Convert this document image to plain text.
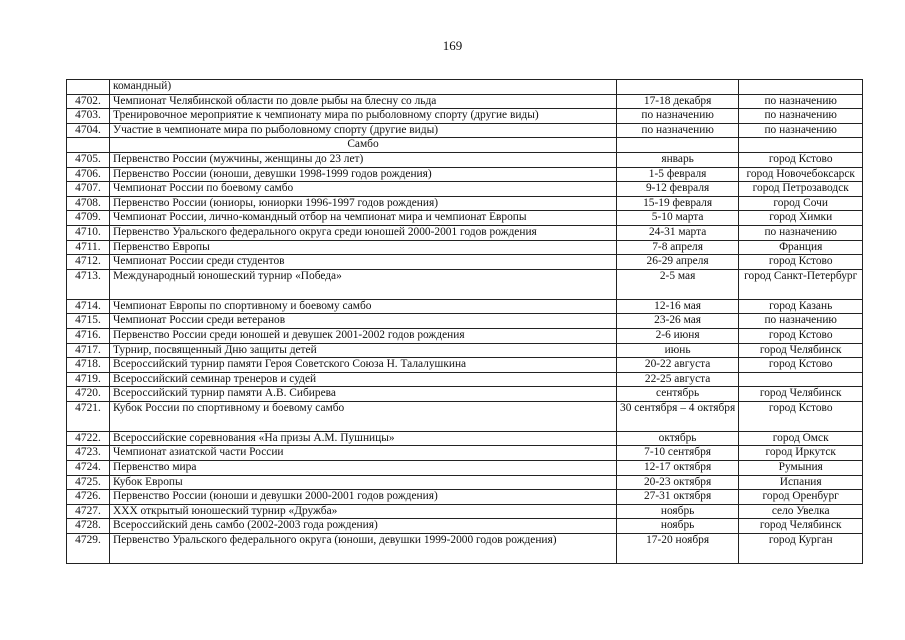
169
	командный)		
4702.	Чемпионат Челябинской области по довле рыбы на блесну со льда	17-18 декабря	по назначению
4703.	Тренировочное мероприятие к чемпионату мира по рыболовному спорту (другие виды)	по назначению	по назначению
4704.	Участие в чемпионате мира по рыболовному спорту (другие виды)	по назначению	по назначению
	Самбо		
4705.	Первенство России (мужчины, женщины до 23 лет)	январь	город Кстово
4706.	Первенство России (юноши, девушки 1998-1999 годов рождения)	1-5 февраля	город Новочебоксарск
4707.	Чемпионат России по боевому самбо	9-12 февраля	город Петрозаводск
4708.	Первенство России (юниоры, юниорки 1996-1997 годов рождения)	15-19 февраля	город Сочи
4709.	Чемпионат России, лично-командный отбор на чемпионат мира и чемпионат Европы	5-10 марта	город Химки
4710.	Первенство Уральского федерального округа среди юношей 2000-2001 годов рождения	24-31 марта	по назначению
4711.	Первенство Европы	7-8 апреля	Франция
4712.	Чемпионат России среди студентов	26-29 апреля	город Кстово
4713.	Международный юношеский турнир «Победа»	2-5 мая	город Санкт-Петербург
4714.	Чемпионат Европы по спортивному и боевому самбо	12-16 мая	город Казань
4715.	Чемпионат России среди ветеранов	23-26 мая	по назначению
4716.	Первенство России среди юношей и девушек 2001-2002 годов рождения	2-6 июня	город Кстово
4717.	Турнир, посвященный Дню защиты детей	июнь	город Челябинск
4718.	Всероссийский турнир памяти Героя Советского Союза Н. Талалушкина	20-22 августа	город Кстово
4719.	Всероссийский семинар тренеров и судей	22-25 августа	
4720.	Всероссийский турнир памяти А.В. Сибирева	сентябрь	город Челябинск
4721.	Кубок России по спортивному и боевому самбо	30 сентября – 4 октября	город Кстово
4722.	Всероссийские соревнования «На призы А.М. Пушницы»	октябрь	город Омск
4723.	Чемпионат азиатской части России	7-10 сентября	город Иркутск
4724.	Первенство мира	12-17 октября	Румыния
4725.	Кубок Европы	20-23 октября	Испания
4726.	Первенство России (юноши и девушки 2000-2001 годов рождения)	27-31 октября	город Оренбург
4727.	XXX открытый юношеский турнир «Дружба»	ноябрь	село Увелка
4728.	Всероссийский день самбо (2002-2003 года рождения)	ноябрь	город Челябинск
4729.	Первенство Уральского федерального округа (юноши, девушки 1999-2000 годов рождения)	17-20 ноября	город Курган
